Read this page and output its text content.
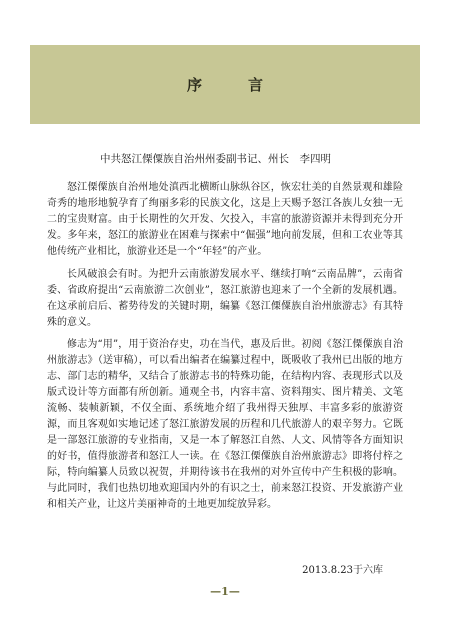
序	言
中共怒江傈僳族自治州州委副书记、州长　李四明

怒江傈僳族自治州地处滇西北横断山脉纵谷区，恢宏壮美的自然景观和雄险奇秀的地形地貌孕育了绚丽多彩的民族文化，这是上天赐予怒江各族儿女独一无二的宝贵财富。由于长期性的欠开发、欠投入，丰富的旅游资源并未得到充分开发。多年来，怒江的旅游业在困难与探索中“倔强”地向前发展，但和工农业等其他传统产业相比，旅游业还是一个“年轻”的产业。

长风破浪会有时。为把升云南旅游发展水平、继续打响“云南品牌”，云南省委、省政府提出“云南旅游二次创业”，怒江旅游也迎来了一个全新的发展机遇。在这承前启后、蓄势待发的关键时期，编纂《怒江傈僳族自治州旅游志》有其特殊的意义。

修志为“用”，用于资治存史，功在当代，惠及后世。初阅《怒江傈僳族自治州旅游志》（送审稿），可以看出编者在编纂过程中，既吸收了我州已出版的地方志、部门志的精华，又结合了旅游志书的特殊功能，在结构内容、表现形式以及版式设计等方面都有所创新。通观全书，内容丰富、资料翔实、图片精美、文笔流畅、装帧新颖，不仅全面、系统地介绍了我州得天独厚、丰富多彩的旅游资源，而且客观如实地记述了怒江旅游发展的历程和几代旅游人的艰辛努力。它既是一部怒江旅游的专业指南，又是一本了解怒江自然、人文、风情等各方面知识的好书，值得旅游者和怒江人一读。在《怒江傈僳族自治州旅游志》即将付梓之际，特向编纂人员致以祝贺，并期待该书在我州的对外宣传中产生积极的影响。与此同时，我们也热切地欢迎国内外的有识之士，前来怒江投资、开发旅游产业和相关产业，让这片美丽神奇的土地更加绽放异彩。

2013.8.23于六库
—1—
